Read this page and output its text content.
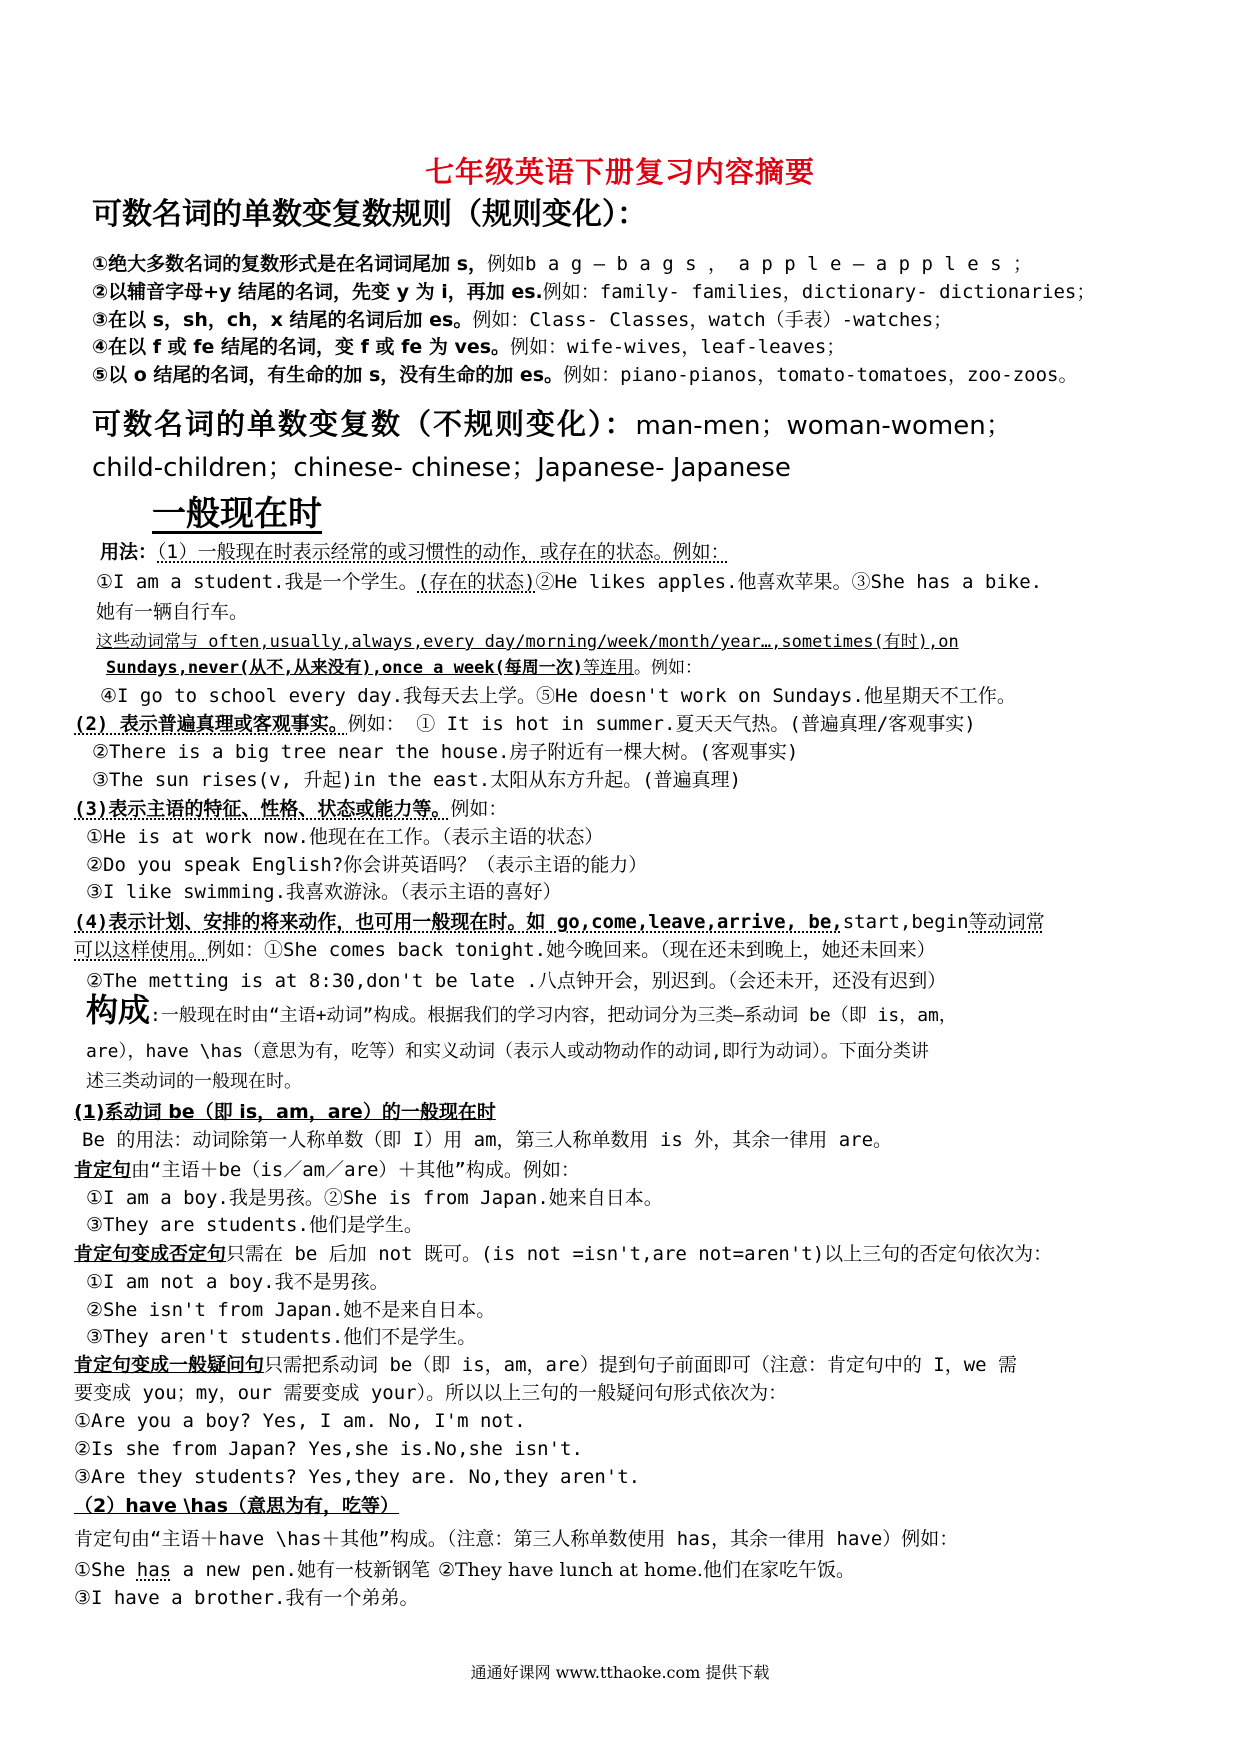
七年级英语下册复习内容摘要
可数名词的单数变复数规则（规则变化）：
①绝大多数名词的复数形式是在名词词尾加 s，例如b a g — b a g s ， a p p l e — a p p l e s ；
②以辅音字母+y 结尾的名词，先变 y 为 i，再加 es.例如：family- families，dictionary- dictionaries；
③在以 s，sh，ch，x 结尾的名词后加 es。例如：Class- Classes，watch（手表）-watches；
④在以 f 或 fe 结尾的名词，变 f 或 fe 为 ves。例如：wife-wives，leaf-leaves；
⑤以 o 结尾的名词，有生命的加 s，没有生命的加 es。例如：piano-pianos，tomato-tomatoes，zoo-zoos。
可数名词的单数变复数（不规则变化）：man-men；woman-women；
child-children；chinese- chinese；Japanese- Japanese
一般现在时
用法：（1）一般现在时表示经常的或习惯性的动作，或存在的状态。例如：
①I am a student.我是一个学生。(存在的状态)②He likes apples.他喜欢苹果。③She has a bike.
她有一辆自行车。
这些动词常与 often,usually,always,every day/morning/week/month/year…,sometimes(有时),on
Sundays,never(从不,从来没有),once a week(每周一次)等连用。例如：
④I go to school every day.我每天去上学。⑤He doesn't work on Sundays.他星期天不工作。
(2) 表示普遍真理或客观事实。例如： ① It is hot in summer.夏天天气热。(普遍真理/客观事实)
②There is a big tree near the house.房子附近有一棵大树。(客观事实)
③The sun rises(v, 升起)in the east.太阳从东方升起。(普遍真理)
(3)表示主语的特征、性格、状态或能力等。例如：
①He is at work now.他现在在工作。（表示主语的状态）
②Do you speak English?你会讲英语吗？（表示主语的能力）
③I like swimming.我喜欢游泳。（表示主语的喜好）
(4)表示计划、安排的将来动作，也可用一般现在时。如 go,come,leave,arrive, be,start,begin等动词常
可以这样使用。例如：①She comes back tonight.她今晚回来。（现在还未到晚上，她还未回来）
②The metting is at 8:30,don't be late .八点钟开会，别迟到。（会还未开，还没有迟到）
构成:一般现在时由“主语+动词”构成。根据我们的学习内容，把动词分为三类—系动词 be（即 is，am，
are），have \has（意思为有，吃等）和实义动词（表示人或动物动作的动词,即行为动词）。下面分类讲
述三类动词的一般现在时。
(1)系动词 be（即 is，am，are）的一般现在时
Be 的用法：动词除第一人称单数（即 I）用 am，第三人称单数用 is 外，其余一律用 are。
肯定句由“主语＋be（is／am／are）＋其他”构成。例如：
①I am a boy.我是男孩。②She is from Japan.她来自日本。
③They are students.他们是学生。
肯定句变成否定句只需在 be 后加 not 既可。(is not =isn't,are not=aren't)以上三句的否定句依次为：
①I am not a boy.我不是男孩。
②She isn't from Japan.她不是来自日本。
③They aren't students.他们不是学生。
肯定句变成一般疑问句只需把系动词 be（即 is，am，are）提到句子前面即可（注意：肯定句中的 I，we 需
要变成 you；my，our 需要变成 your）。所以以上三句的一般疑问句形式依次为：
①Are you a boy? Yes, I am. No, I'm not.
②Is she from Japan? Yes,she is.No,she isn't.
③Are they students? Yes,they are. No,they aren't.
（2）have \has（意思为有，吃等）
肯定句由“主语＋have \has＋其他”构成。（注意：第三人称单数使用 has，其余一律用 have）例如：
①She has a new pen.她有一枝新钢笔 ②They have lunch at home.他们在家吃午饭。
③I have a brother.我有一个弟弟。
通通好课网 www.tthaoke.com 提供下载
